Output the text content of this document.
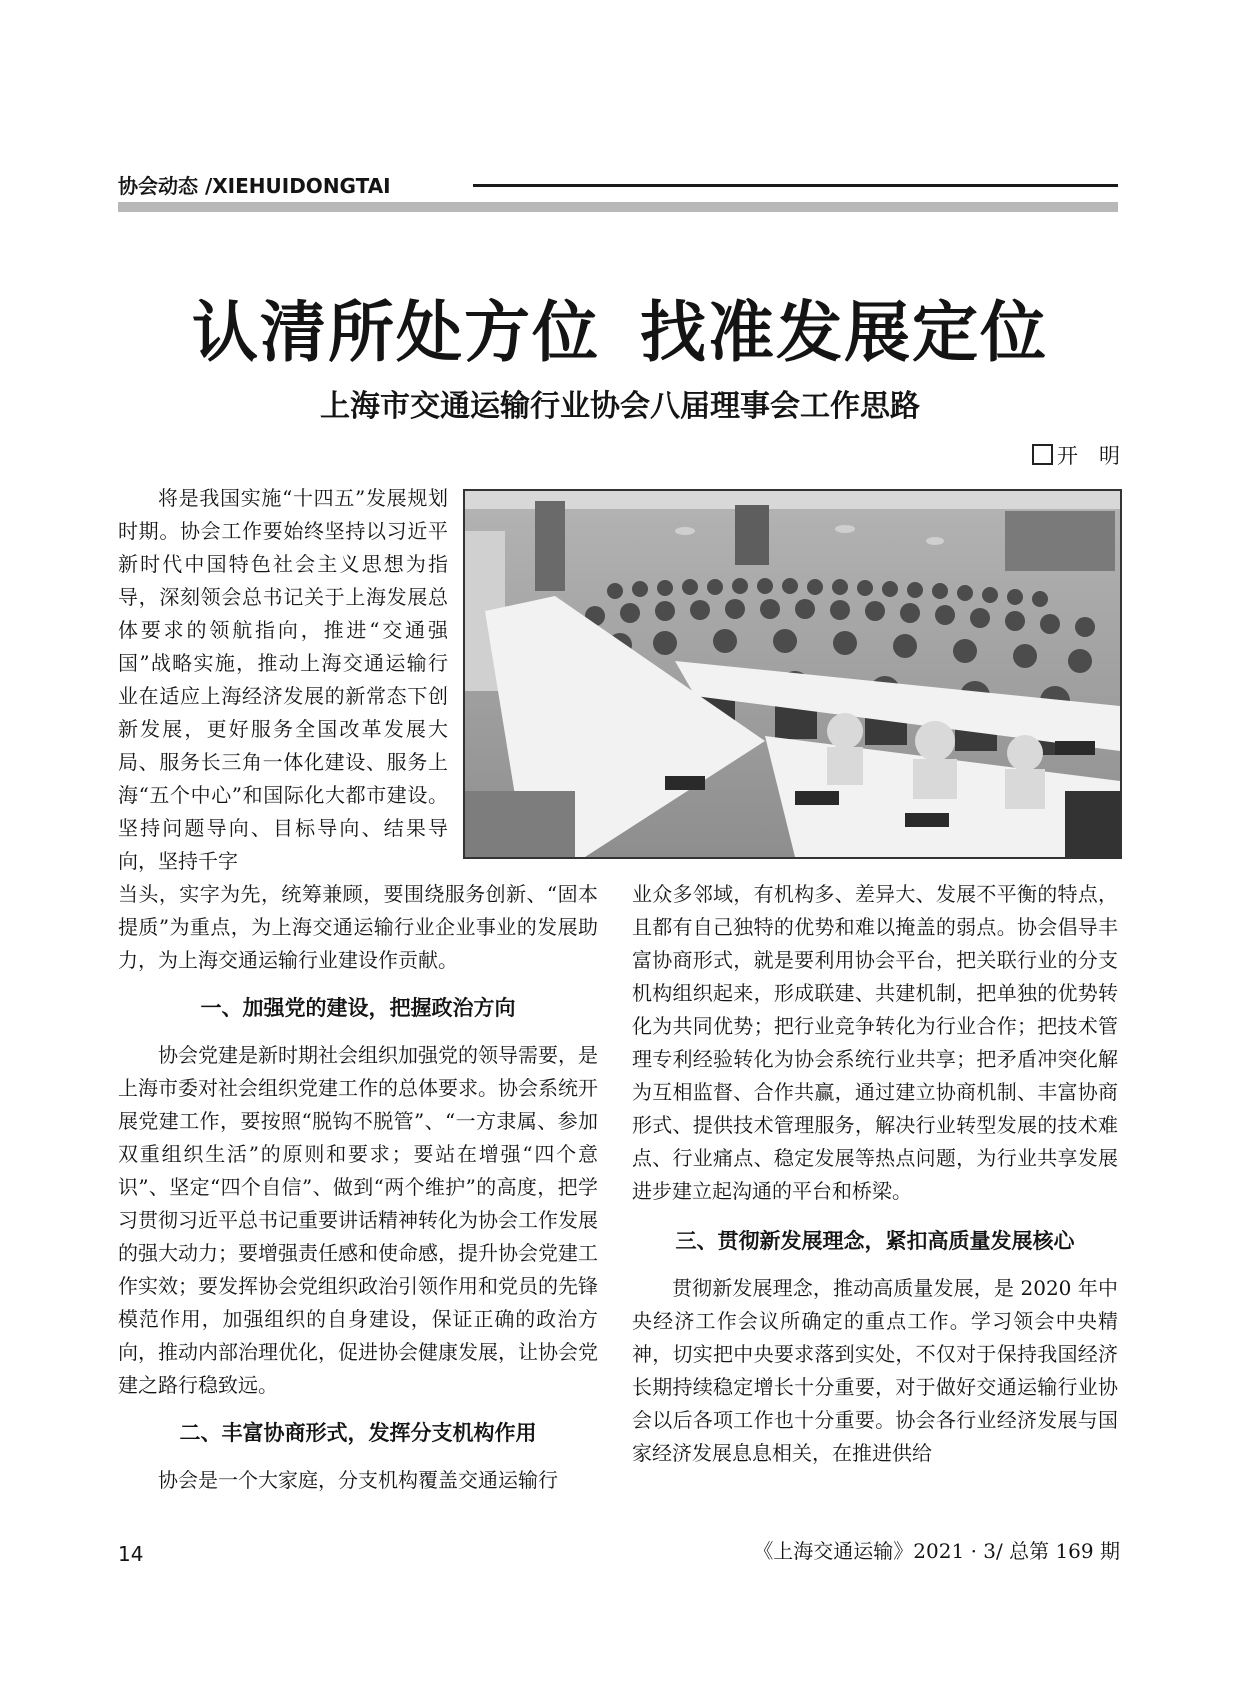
协会动态 /XIEHUIDONGTAI
认清所处方位 找准发展定位
上海市交通运输行业协会八届理事会工作思路
开　明

将是我国实施“十四五”发展规划时期。协会工作要始终坚持以习近平新时代中国特色社会主义思想为指导，深刻领会总书记关于上海发展总体要求的领航指向，推进“交通强国”战略实施，推动上海交通运输行业在适应上海经济发展的新常态下创新发展，更好服务全国改革发展大局、服务长三角一体化建设、服务上海“五个中心”和国际化大都市建设。坚持问题导向、目标导向、结果导向，坚持千字

当头，实字为先，统筹兼顾，要围绕服务创新、“固本提质”为重点，为上海交通运输行业企业事业的发展助力，为上海交通运输行业建设作贡献。

一、加强党的建设，把握政治方向

协会党建是新时期社会组织加强党的领导需要，是上海市委对社会组织党建工作的总体要求。协会系统开展党建工作，要按照“脱钩不脱管”、“一方隶属、参加双重组织生活”的原则和要求；要站在增强“四个意识”、坚定“四个自信”、做到“两个维护”的高度，把学习贯彻习近平总书记重要讲话精神转化为协会工作发展的强大动力；要增强责任感和使命感，提升协会党建工作实效；要发挥协会党组织政治引领作用和党员的先锋模范作用，加强组织的自身建设，保证正确的政治方向，推动内部治理优化，促进协会健康发展，让协会党建之路行稳致远。

二、丰富协商形式，发挥分支机构作用

协会是一个大家庭，分支机构覆盖交通运输行

业众多邻域，有机构多、差异大、发展不平衡的特点，且都有自己独特的优势和难以掩盖的弱点。协会倡导丰富协商形式，就是要利用协会平台，把关联行业的分支机构组织起来，形成联建、共建机制，把单独的优势转化为共同优势；把行业竞争转化为行业合作；把技术管理专利经验转化为协会系统行业共享；把矛盾冲突化解为互相监督、合作共赢，通过建立协商机制、丰富协商形式、提供技术管理服务，解决行业转型发展的技术难点、行业痛点、稳定发展等热点问题，为行业共享发展进步建立起沟通的平台和桥梁。

三、贯彻新发展理念，紧扣高质量发展核心

贯彻新发展理念，推动高质量发展，是 2020 年中央经济工作会议所确定的重点工作。学习领会中央精神，切实把中央要求落到实处，不仅对于保持我国经济长期持续稳定增长十分重要，对于做好交通运输行业协会以后各项工作也十分重要。协会各行业经济发展与国家经济发展息息相关，在推进供给

14	《上海交通运输》2021 · 3/ 总第 169 期
